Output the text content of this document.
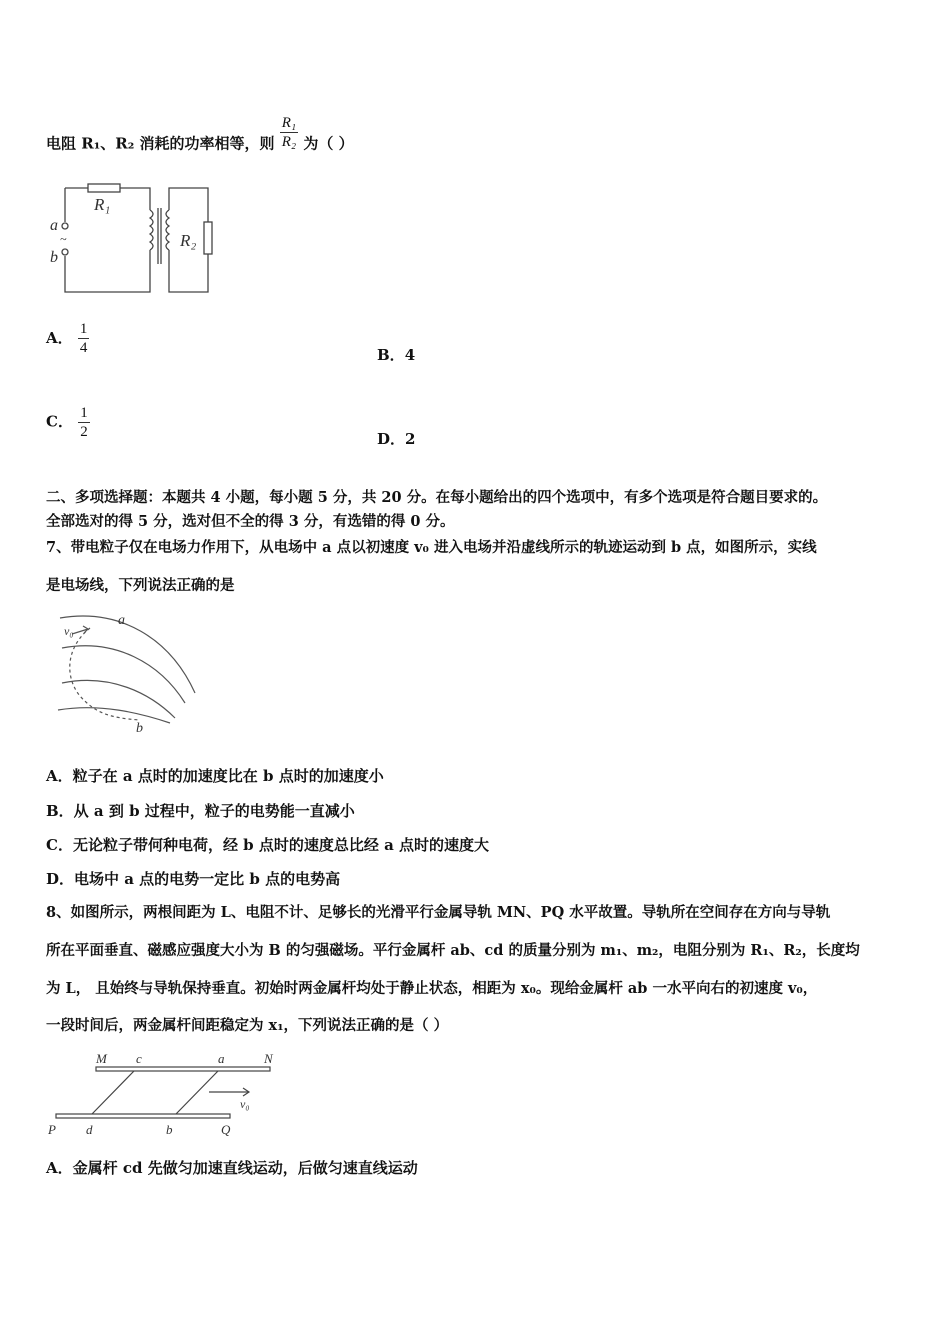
电阻 R₁、R₂ 消耗的功率相等，则 $\frac{\text{R₁}}{\text{R₂}}$ 为（ ）
R₁
R₂
a
b
~
A． $\frac{1}{4}$	B．4
C． $\frac{1}{2}$	D．2
二、多项选择题：本题共 4 小题，每小题 5 分，共 20 分。在每小题给出的四个选项中，有多个选项是符合题目要求的。
全部选对的得 5 分，选对但不全的得 3 分，有选错的得 0 分。
7、带电粒子仅在电场力作用下，从电场中 a 点以初速度 v₀ 进入电场并沿虚线所示的轨迹运动到 b 点，如图所示，实线
是电场线，下列说法正确的是
a
v₀
b
A．粒子在 a 点时的加速度比在 b 点时的加速度小
B．从 a 到 b 过程中，粒子的电势能一直减小
C．无论粒子带何种电荷，经 b 点时的速度总比经 a 点时的速度大
D．电场中 a 点的电势一定比 b 点的电势高
8、如图所示，两根间距为 L、电阻不计、足够长的光滑平行金属导轨 MN、PQ 水平故置。导轨所在空间存在方向与导轨
所在平面垂直、磁感应强度大小为 B 的匀强磁场。平行金属杆 ab、cd 的质量分别为 m₁、m₂，电阻分别为 R₁、R₂，长度均
为 L， 且始终与导轨保持垂直。初始时两金属杆均处于静止状态，相距为 x₀。现给金属杆 ab 一水平向右的初速度 v₀，
一段时间后，两金属杆间距稳定为 x₁，下列说法正确的是（ ）
M c	a	N
v₀
P d	b	Q
A．金属杆 cd 先做匀加速直线运动，后做匀速直线运动
